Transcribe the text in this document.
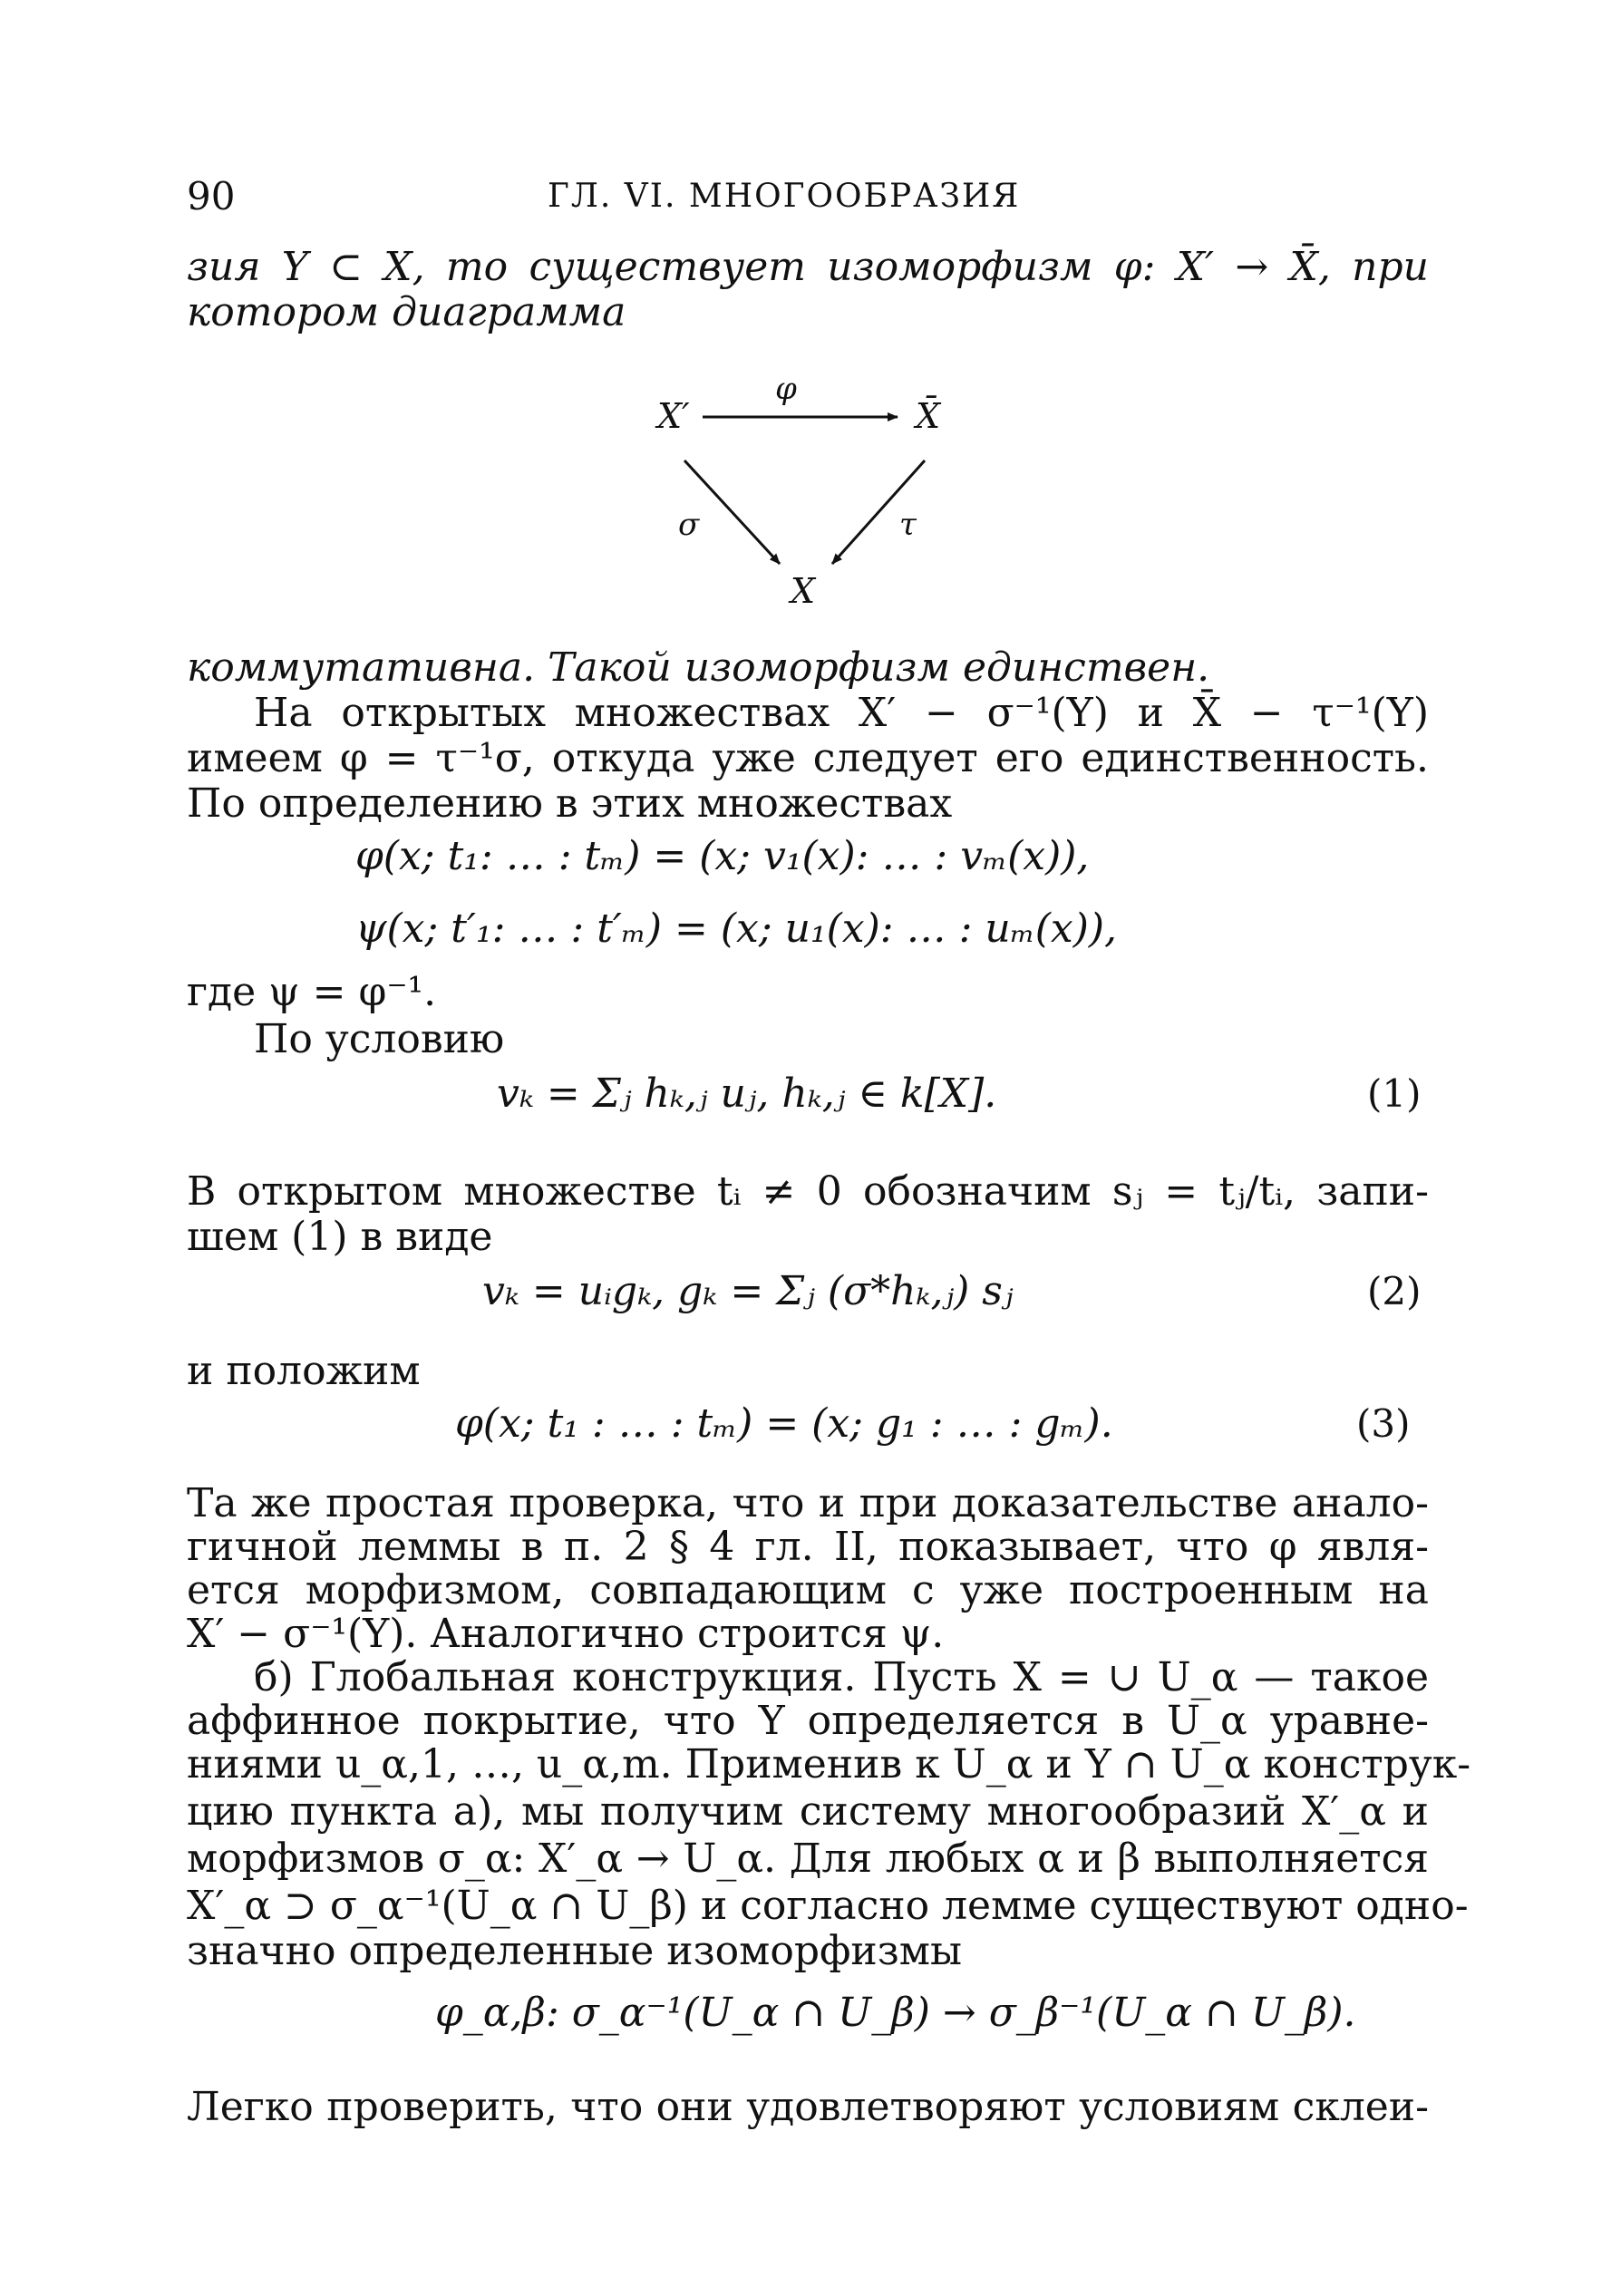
90	ГЛ. VI. МНОГООБРАЗИЯ
зия Y ⊂ X, то существует изоморфизм φ: X′ → X̄, при
котором диаграмма
X′	X̄
X
φ
σ	τ
коммутативна. Такой изоморфизм единствен.
На открытых множествах X′ − σ⁻¹(Y) и X̄ − τ⁻¹(Y)
имеем φ = τ⁻¹σ, откуда уже следует его единственность.
По определению в этих множествах
φ(x; t₁: … : tₘ) = (x; v₁(x): … : vₘ(x)),
ψ(x; t′₁: … : t′ₘ) = (x; u₁(x): … : uₘ(x)),
где ψ = φ⁻¹.
По условию
vₖ = Σⱼ hₖ,ⱼ uⱼ, hₖ,ⱼ ∈ k[X].	(1)
В открытом множестве tᵢ ≠ 0 обозначим sⱼ = tⱼ/tᵢ, запи-
шем (1) в виде
vₖ = uᵢgₖ, gₖ = Σⱼ (σ*hₖ,ⱼ) sⱼ	(2)
и положим
φ(x; t₁ : … : tₘ) = (x; g₁ : … : gₘ).	(3)
Та же простая проверка, что и при доказательстве анало-
гичной леммы в п. 2 § 4 гл. II, показывает, что φ явля-
ется морфизмом, совпадающим с уже построенным на
X′ − σ⁻¹(Y). Аналогично строится ψ.
б) Глобальная конструкция. Пусть X = ∪ U_α — такое
аффинное покрытие, что Y определяется в U_α уравне-
ниями u_α,1, …, u_α,m. Применив к U_α и Y ∩ U_α конструк-
цию пункта а), мы получим систему многообразий X′_α и
морфизмов σ_α: X′_α → U_α. Для любых α и β выполняется
X′_α ⊃ σ_α⁻¹(U_α ∩ U_β) и согласно лемме существуют одно-
значно определенные изоморфизмы
φ_α,β: σ_α⁻¹(U_α ∩ U_β) → σ_β⁻¹(U_α ∩ U_β).
Легко проверить, что они удовлетворяют условиям склеи-
